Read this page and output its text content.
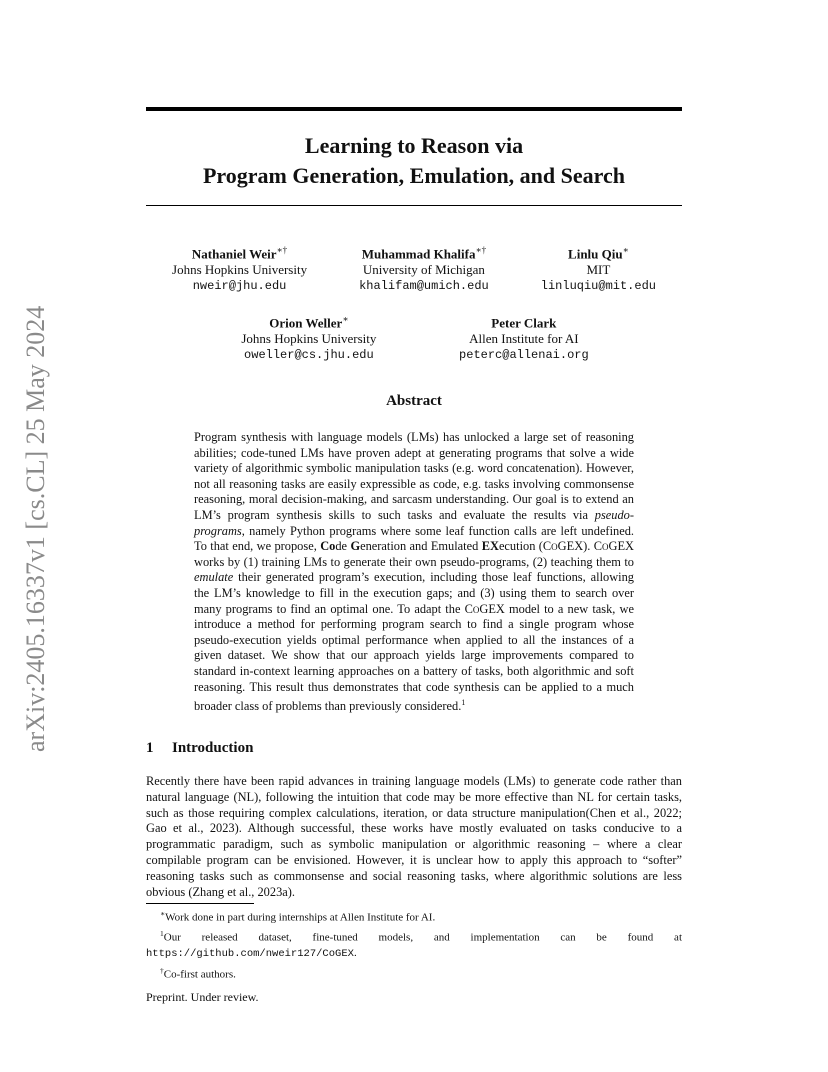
arXiv:2405.16337v1 [cs.CL] 25 May 2024
Learning to Reason via
Program Generation, Emulation, and Search
Nathaniel Weir∗†
Johns Hopkins University
nweir@jhu.edu
Muhammad Khalifa∗†
University of Michigan
khalifam@umich.edu
Linlu Qiu∗
MIT
linluqiu@mit.edu
Orion Weller∗
Johns Hopkins University
oweller@cs.jhu.edu
Peter Clark
Allen Institute for AI
peterc@allenai.org
Abstract
Program synthesis with language models (LMs) has unlocked a large set of reasoning abilities; code-tuned LMs have proven adept at generating programs that solve a wide variety of algorithmic symbolic manipulation tasks (e.g. word concatenation). However, not all reasoning tasks are easily expressible as code, e.g. tasks involving commonsense reasoning, moral decision-making, and sarcasm understanding. Our goal is to extend an LM’s program synthesis skills to such tasks and evaluate the results via pseudo-programs, namely Python programs where some leaf function calls are left undefined. To that end, we propose, Code Generation and Emulated EXecution (CoGEX). CoGEX works by (1) training LMs to generate their own pseudo-programs, (2) teaching them to emulate their generated program’s execution, including those leaf functions, allowing the LM’s knowledge to fill in the execution gaps; and (3) using them to search over many programs to find an optimal one. To adapt the CoGEX model to a new task, we introduce a method for performing program search to find a single program whose pseudo-execution yields optimal performance when applied to all the instances of a given dataset. We show that our approach yields large improvements compared to standard in-context learning approaches on a battery of tasks, both algorithmic and soft reasoning. This result thus demonstrates that code synthesis can be applied to a much broader class of problems than previously considered.$^1$
1 Introduction
Recently there have been rapid advances in training language models (LMs) to generate code rather than natural language (NL), following the intuition that code may be more effective than NL for certain tasks, such as those requiring complex calculations, iteration, or data structure manipulation(Chen et al., 2022; Gao et al., 2023). Although successful, these works have mostly evaluated on tasks conducive to a programmatic paradigm, such as symbolic manipulation or algorithmic reasoning – where a clear compilable program can be envisioned. However, it is unclear how to apply this approach to “softer” reasoning tasks such as commonsense and social reasoning tasks, where algorithmic solutions are less obvious (Zhang et al., 2023a).
∗Work done in part during internships at Allen Institute for AI.
$^1$Our released dataset, fine-tuned models, and implementation can be found at https://github.com/nweir127/CoGEX.
†Co-first authors.
Preprint. Under review.
